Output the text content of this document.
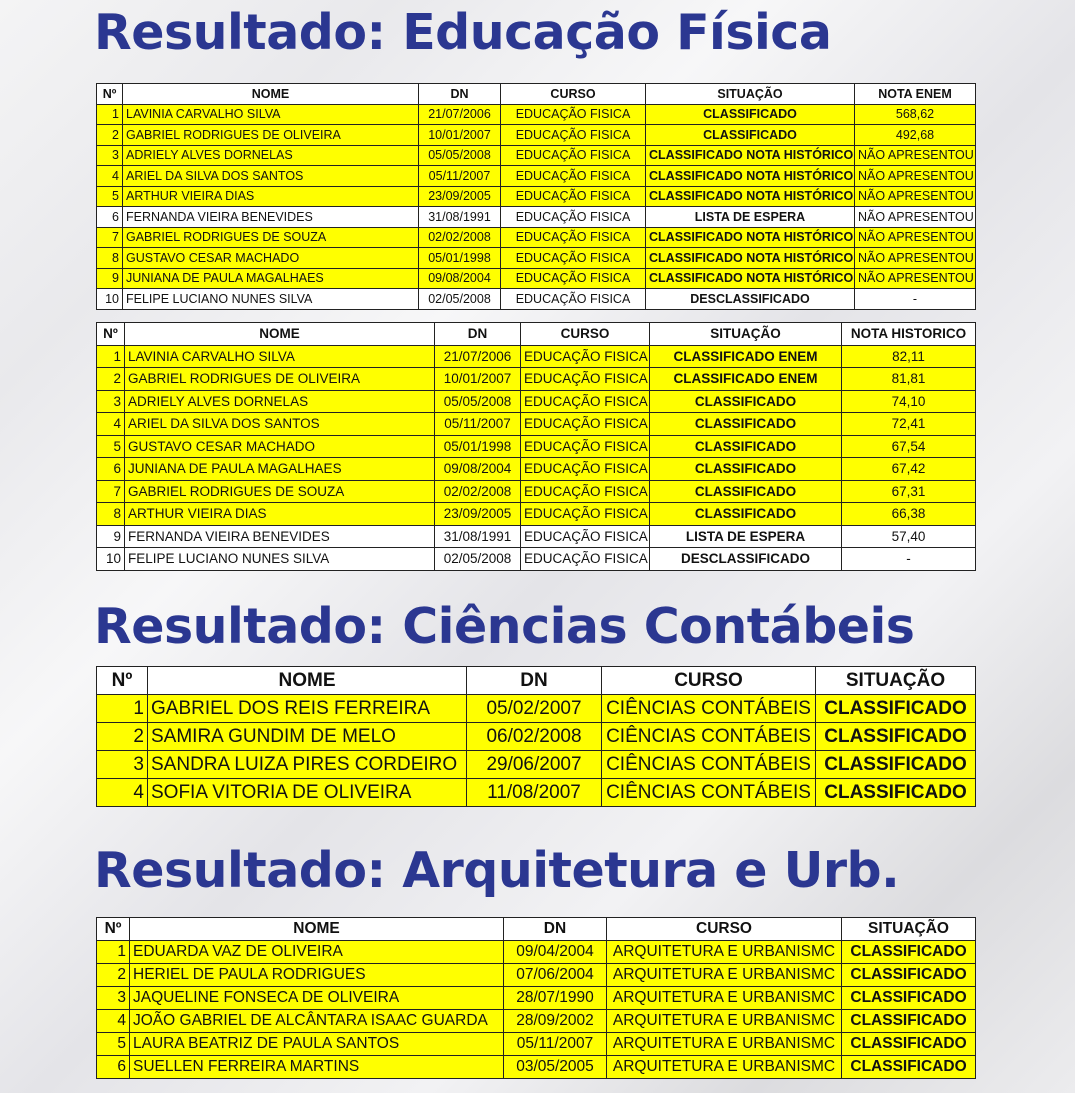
Resultado: Educação Física
Nº	NOME	DN	CURSO	SITUAÇÃO	NOTA ENEM
1	LAVINIA CARVALHO SILVA	21/07/2006	EDUCAÇÃO FISICA	CLASSIFICADO	568,62
2	GABRIEL RODRIGUES DE OLIVEIRA	10/01/2007	EDUCAÇÃO FISICA	CLASSIFICADO	492,68
3	ADRIELY ALVES DORNELAS	05/05/2008	EDUCAÇÃO FISICA	CLASSIFICADO NOTA HISTÓRICO	NÃO APRESENTOU
4	ARIEL DA SILVA DOS SANTOS	05/11/2007	EDUCAÇÃO FISICA	CLASSIFICADO NOTA HISTÓRICO	NÃO APRESENTOU
5	ARTHUR VIEIRA DIAS	23/09/2005	EDUCAÇÃO FISICA	CLASSIFICADO NOTA HISTÓRICO	NÃO APRESENTOU
6	FERNANDA VIEIRA BENEVIDES	31/08/1991	EDUCAÇÃO FISICA	LISTA DE ESPERA	NÃO APRESENTOU
7	GABRIEL RODRIGUES DE SOUZA	02/02/2008	EDUCAÇÃO FISICA	CLASSIFICADO NOTA HISTÓRICO	NÃO APRESENTOU
8	GUSTAVO CESAR MACHADO	05/01/1998	EDUCAÇÃO FISICA	CLASSIFICADO NOTA HISTÓRICO	NÃO APRESENTOU
9	JUNIANA DE PAULA MAGALHAES	09/08/2004	EDUCAÇÃO FISICA	CLASSIFICADO NOTA HISTÓRICO	NÃO APRESENTOU
10	FELIPE LUCIANO NUNES SILVA	02/05/2008	EDUCAÇÃO FISICA	DESCLASSIFICADO	-
Nº	NOME	DN	CURSO	SITUAÇÃO	NOTA HISTORICO
1	LAVINIA CARVALHO SILVA	21/07/2006	EDUCAÇÃO FISICA	CLASSIFICADO ENEM	82,11
2	GABRIEL RODRIGUES DE OLIVEIRA	10/01/2007	EDUCAÇÃO FISICA	CLASSIFICADO ENEM	81,81
3	ADRIELY ALVES DORNELAS	05/05/2008	EDUCAÇÃO FISICA	CLASSIFICADO	74,10
4	ARIEL DA SILVA DOS SANTOS	05/11/2007	EDUCAÇÃO FISICA	CLASSIFICADO	72,41
5	GUSTAVO CESAR MACHADO	05/01/1998	EDUCAÇÃO FISICA	CLASSIFICADO	67,54
6	JUNIANA DE PAULA MAGALHAES	09/08/2004	EDUCAÇÃO FISICA	CLASSIFICADO	67,42
7	GABRIEL RODRIGUES DE SOUZA	02/02/2008	EDUCAÇÃO FISICA	CLASSIFICADO	67,31
8	ARTHUR VIEIRA DIAS	23/09/2005	EDUCAÇÃO FISICA	CLASSIFICADO	66,38
9	FERNANDA VIEIRA BENEVIDES	31/08/1991	EDUCAÇÃO FISICA	LISTA DE ESPERA	57,40
10	FELIPE LUCIANO NUNES SILVA	02/05/2008	EDUCAÇÃO FISICA	DESCLASSIFICADO	-
Resultado: Ciências Contábeis
Nº	NOME	DN	CURSO	SITUAÇÃO
1	GABRIEL DOS REIS FERREIRA	05/02/2007	CIÊNCIAS CONTÁBEIS	CLASSIFICADO
2	SAMIRA GUNDIM DE MELO	06/02/2008	CIÊNCIAS CONTÁBEIS	CLASSIFICADO
3	SANDRA LUIZA PIRES CORDEIRO	29/06/2007	CIÊNCIAS CONTÁBEIS	CLASSIFICADO
4	SOFIA VITORIA DE OLIVEIRA	11/08/2007	CIÊNCIAS CONTÁBEIS	CLASSIFICADO
Resultado: Arquitetura e Urb.
Nº	NOME	DN	CURSO	SITUAÇÃO
1	EDUARDA VAZ DE OLIVEIRA	09/04/2004	ARQUITETURA E URBANISMC	CLASSIFICADO
2	HERIEL DE PAULA RODRIGUES	07/06/2004	ARQUITETURA E URBANISMC	CLASSIFICADO
3	JAQUELINE FONSECA DE OLIVEIRA	28/07/1990	ARQUITETURA E URBANISMC	CLASSIFICADO
4	JOÃO GABRIEL DE ALCÂNTARA ISAAC GUARDA	28/09/2002	ARQUITETURA E URBANISMC	CLASSIFICADO
5	LAURA BEATRIZ DE PAULA SANTOS	05/11/2007	ARQUITETURA E URBANISMC	CLASSIFICADO
6	SUELLEN FERREIRA MARTINS	03/05/2005	ARQUITETURA E URBANISMC	CLASSIFICADO
